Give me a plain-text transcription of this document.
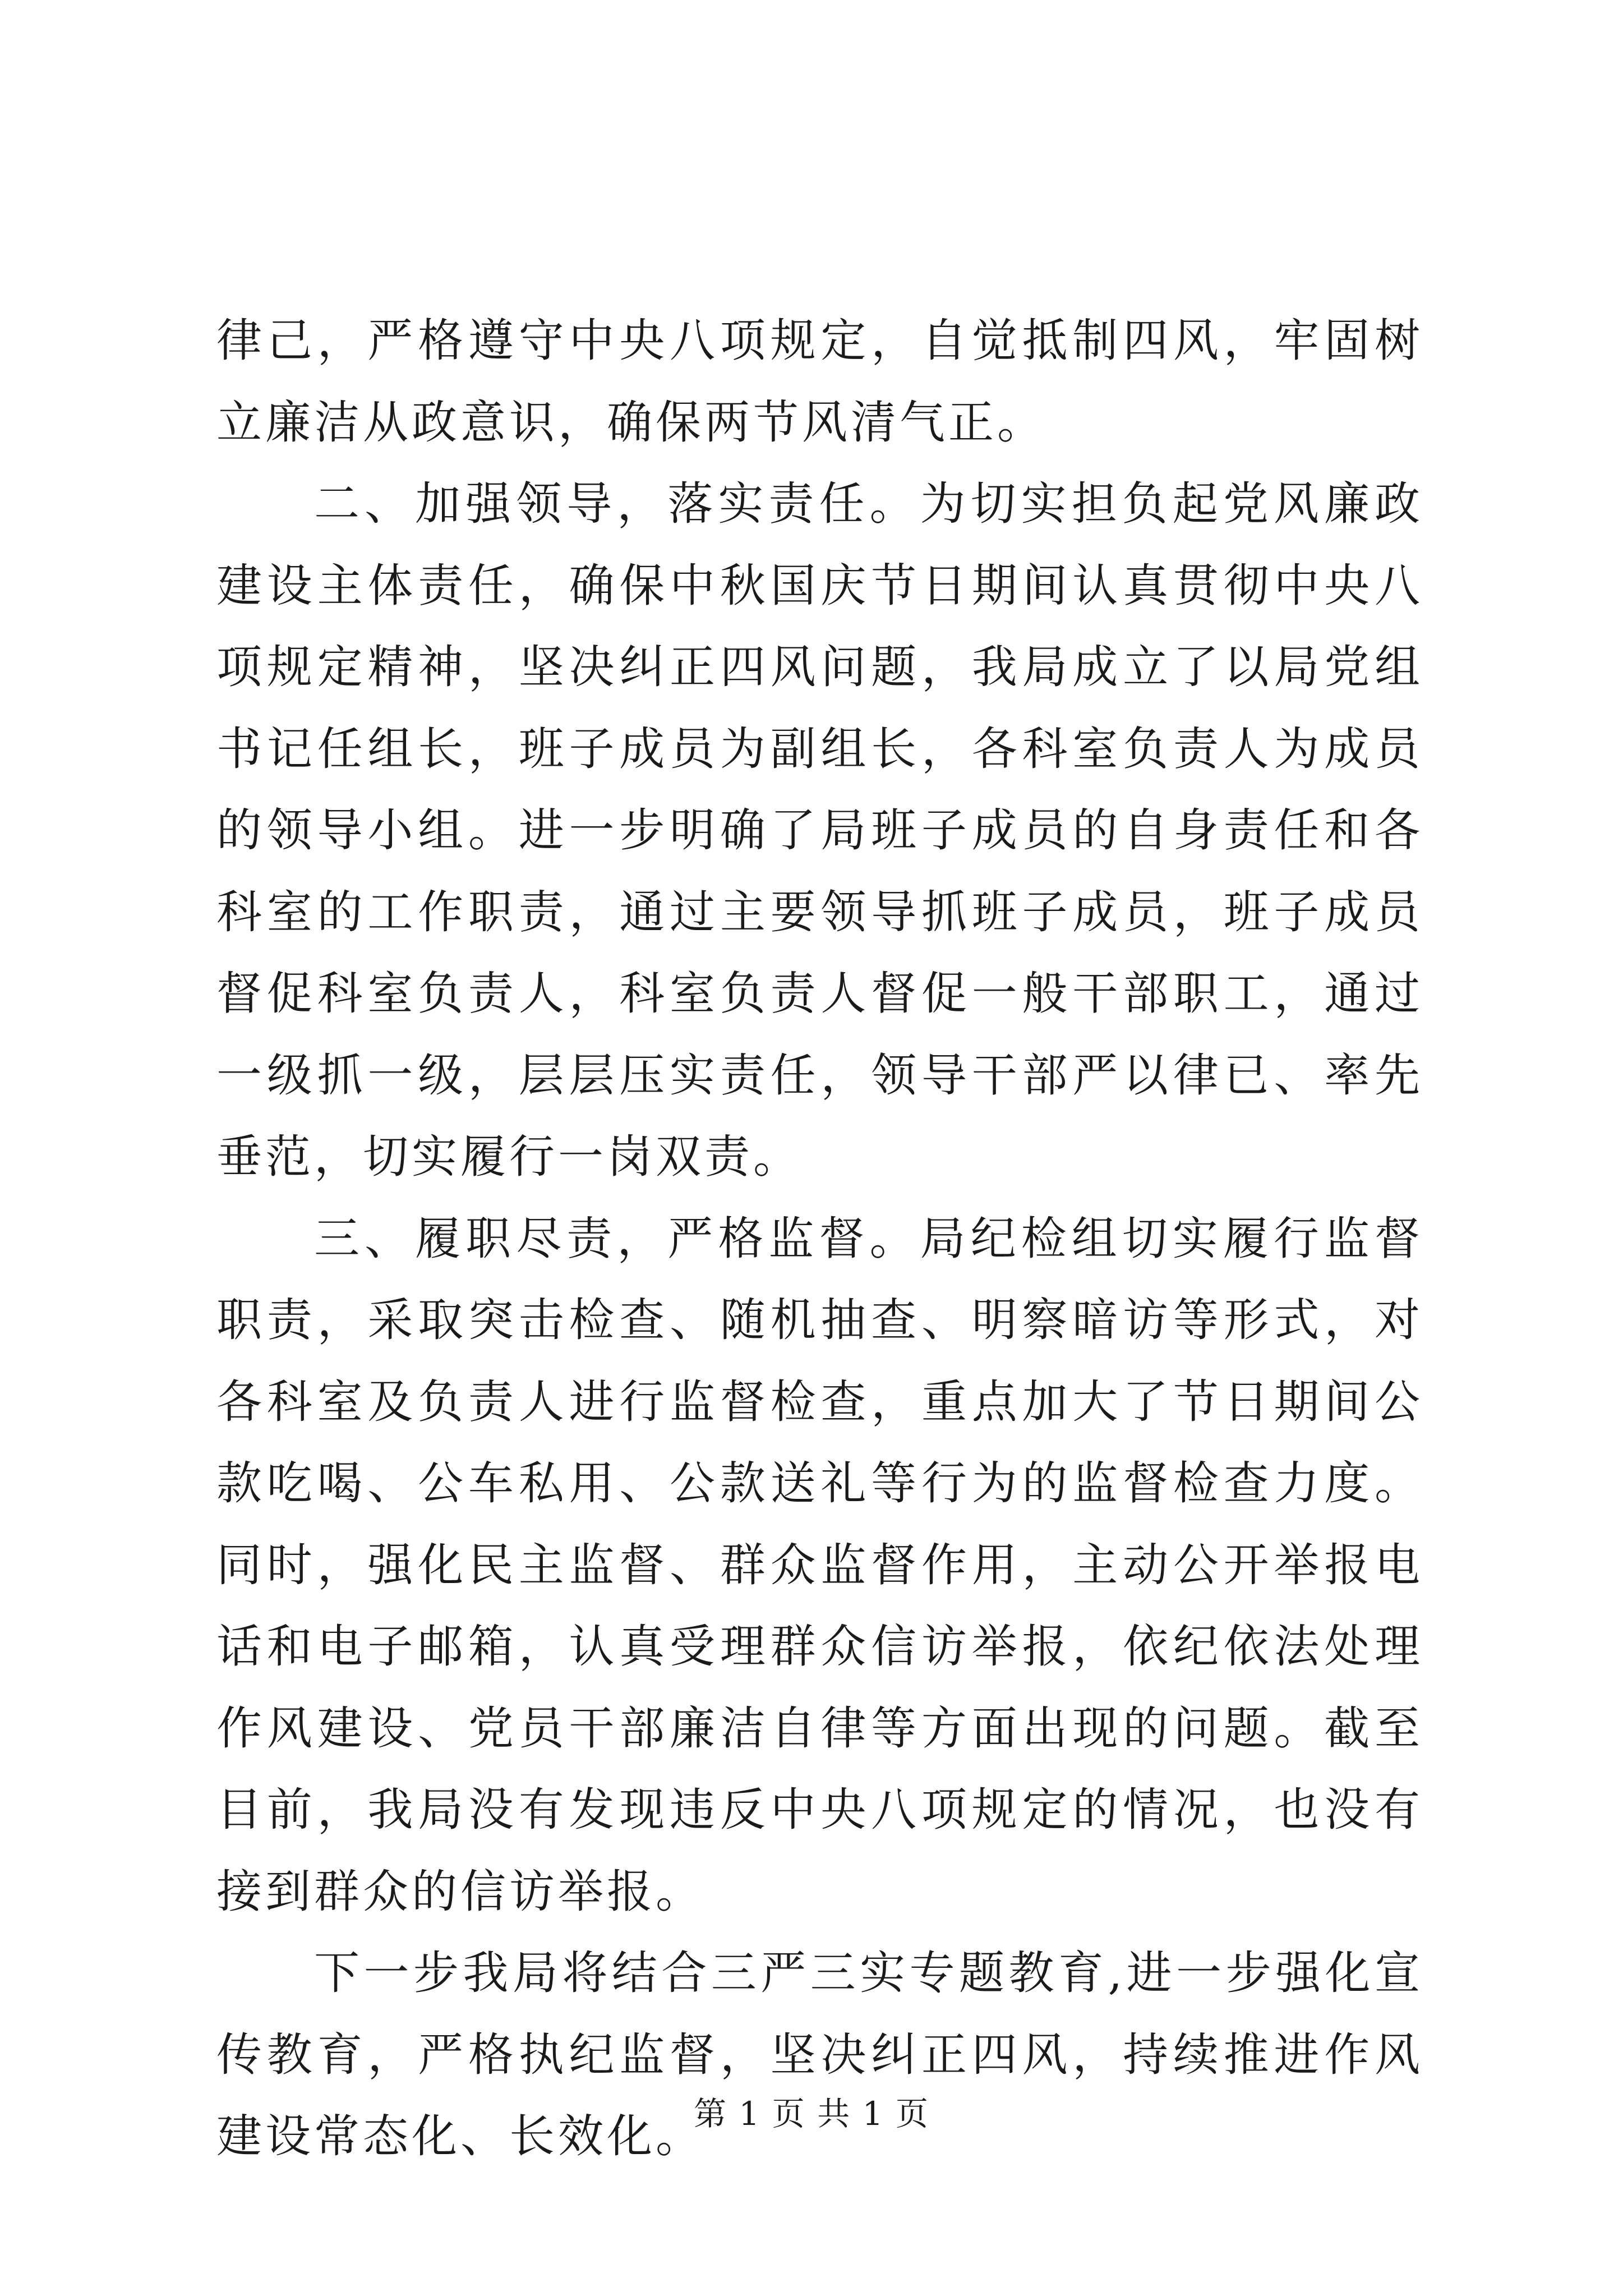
律己，严格遵守中央八项规定，自觉抵制四风，牢固树立廉洁从政意识，确保两节风清气正。

二、加强领导，落实责任。为切实担负起党风廉政建设主体责任，确保中秋国庆节日期间认真贯彻中央八项规定精神，坚决纠正四风问题，我局成立了以局党组书记任组长，班子成员为副组长，各科室负责人为成员的领导小组。进一步明确了局班子成员的自身责任和各科室的工作职责，通过主要领导抓班子成员，班子成员督促科室负责人，科室负责人督促一般干部职工，通过一级抓一级，层层压实责任，领导干部严以律已、率先垂范，切实履行一岗双责。

三、履职尽责，严格监督。局纪检组切实履行监督职责，采取突击检查、随机抽查、明察暗访等形式，对各科室及负责人进行监督检查，重点加大了节日期间公款吃喝、公车私用、公款送礼等行为的监督检查力度。同时，强化民主监督、群众监督作用，主动公开举报电话和电子邮箱，认真受理群众信访举报，依纪依法处理作风建设、党员干部廉洁自律等方面出现的问题。截至目前，我局没有发现违反中央八项规定的情况，也没有接到群众的信访举报。

下一步我局将结合三严三实专题教育,进一步强化宣传教育，严格执纪监督，坚决纠正四风，持续推进作风建设常态化、长效化。

第 1 页 共 1 页
